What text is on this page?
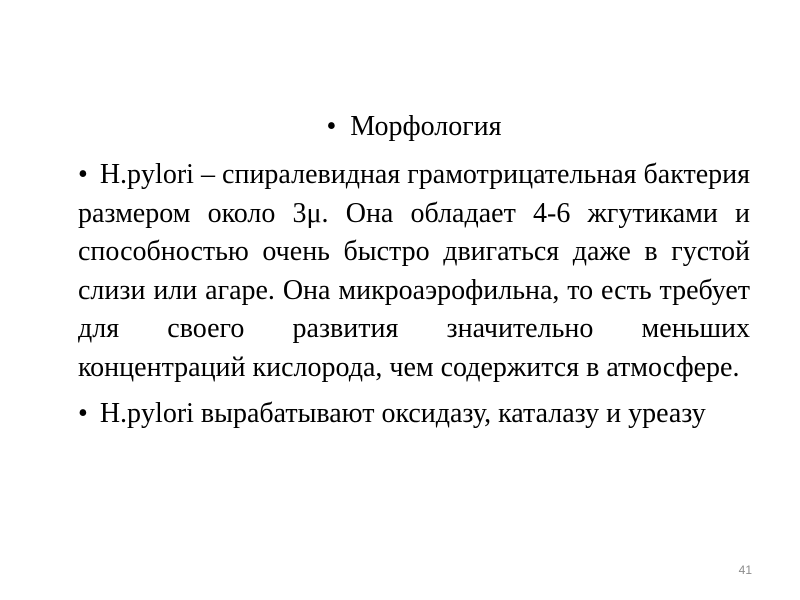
• Морфология

• H.pylori – спиралевидная грамотрицательная бактерия размером около 3μ. Она обладает 4-6 жгутиками и способностью очень быстро двигаться даже в густой слизи или агаре. Она микроаэрофильна, то есть требует для своего развития значительно меньших концентраций кислорода, чем содержится в атмосфере.

• H.pylori вырабатывают оксидазу, каталазу и уреазу

41
